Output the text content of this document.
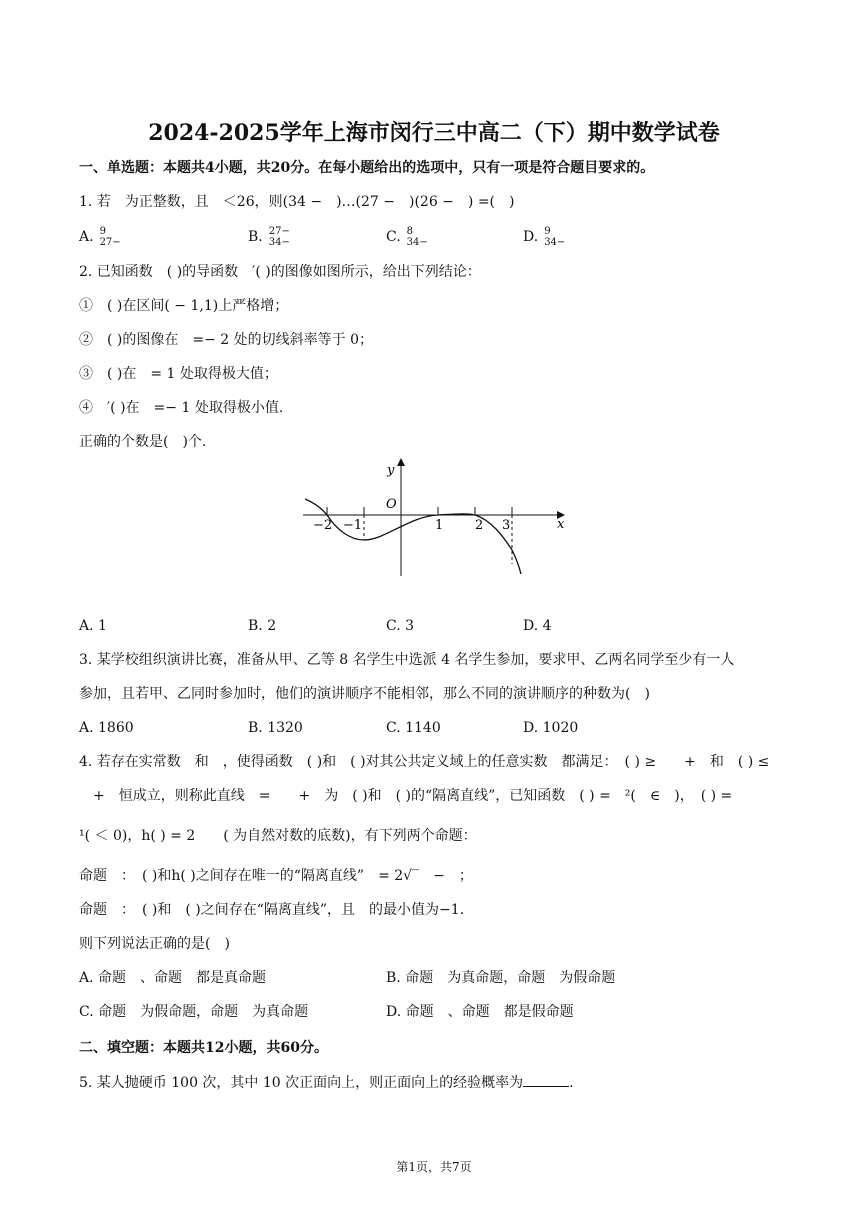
2024-2025学年上海市闵行三中高二（下）期中数学试卷
一、单选题：本题共4小题，共20分。在每小题给出的选项中，只有一项是符合题目要求的。
1. 若　为正整数，且　＜26，则(34 −　)…(27 −　)(26 −　) =(　)
A. 9
27−	B. 27−
34−	C. 8
34−	D. 9
34−
2. 已知函数　( )的导函数　′( )的图像如图所示，给出下列结论：
①　( )在区间( − 1,1)上严格增；
②　( )的图像在　=− 2 处的切线斜率等于 0；
③　( )在　= 1 处取得极大值；
④　′( )在　=− 1 处取得极小值.
正确的个数是(　)个.
y
x
O
−2 −1	1 2 3
A. 1	B. 2	C. 3	D. 4
3. 某学校组织演讲比赛，准备从甲、乙等 8 名学生中选派 4 名学生参加，要求甲、乙两名同学至少有一人
参加，且若甲、乙同时参加时，他们的演讲顺序不能相邻，那么不同的演讲顺序的种数为(　)
A. 1860	B. 1320	C. 1140	D. 1020
4. 若存在实常数　和　，使得函数　( )和　( )对其公共定义域上的任意实数　都满足：　( ) ≥　　+　和　( ) ≤
　+　恒成立，则称此直线　=　　+　为　( )和　( )的“隔离直线”，已知函数　( ) =　²(　∈　)，　( ) =
¹( ＜ 0)，h( ) = 2　　( 为自然对数的底数)，有下列两个命题：
命题　：　( )和h( )之间存在唯一的“隔离直线”　= 2√‾　−　；
命题　：　( )和　( )之间存在“隔离直线”，且　的最小值为−1.
则下列说法正确的是(　)
A. 命题　、命题　都是真命题	B. 命题　为真命题，命题　为假命题
C. 命题　为假命题，命题　为真命题	D. 命题　、命题　都是假命题
二、填空题：本题共12小题，共60分。
5. 某人抛硬币 100 次，其中 10 次正面向上，则正面向上的经验概率为	.
第1页，共7页
